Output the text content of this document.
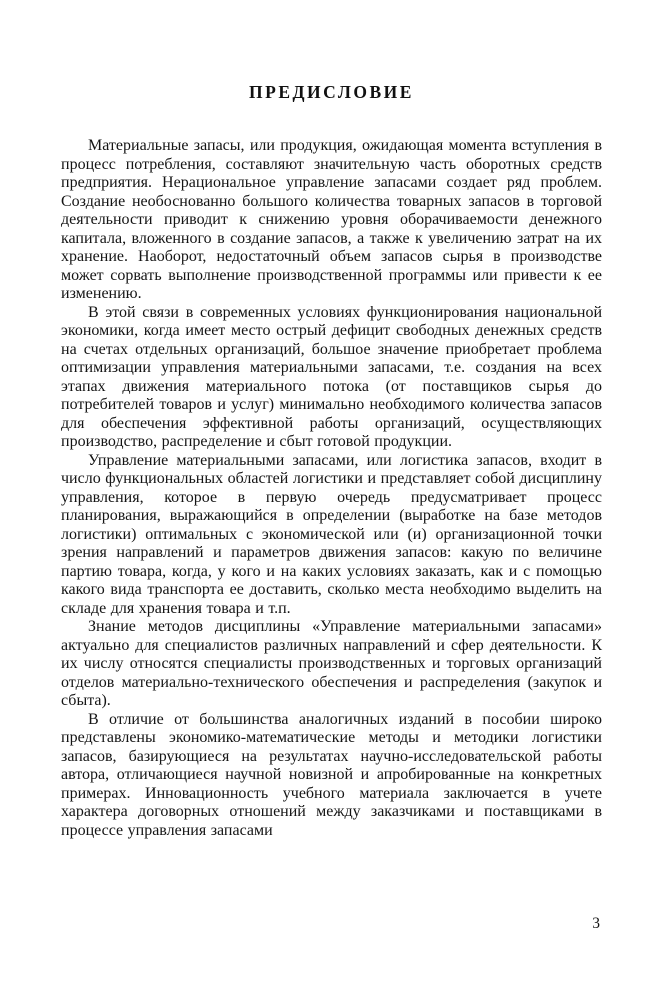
ПРЕДИСЛОВИЕ

Материальные запасы, или продукция, ожидающая момента вступления в процесс потребления, составляют значительную часть оборотных средств предприятия. Нерациональное управление запасами создает ряд проблем. Создание необоснованно большого количества товарных запасов в торговой деятельности приводит к снижению уровня оборачиваемости денежного капитала, вложенного в создание запасов, а также к увеличению затрат на их хранение. Наоборот, недостаточный объем запасов сырья в производстве может сорвать выполнение производственной программы или привести к ее изменению.

В этой связи в современных условиях функционирования национальной экономики, когда имеет место острый дефицит свободных денежных средств на счетах отдельных организаций, большое значение приобретает проблема оптимизации управления материальными запасами, т.е. создания на всех этапах движения материального потока (от поставщиков сырья до потребителей товаров и услуг) минимально необходимого количества запасов для обеспечения эффективной работы организаций, осуществляющих производство, распределение и сбыт готовой продукции.

Управление материальными запасами, или логистика запасов, входит в число функциональных областей логистики и представляет собой дисциплину управления, которое в первую очередь предусматривает процесс планирования, выражающийся в определении (выработке на базе методов логистики) оптимальных с экономической или (и) организационной точки зрения направлений и параметров движения запасов: какую по величине партию товара, когда, у кого и на каких условиях заказать, как и с помощью какого вида транспорта ее доставить, сколько места необходимо выделить на складе для хранения товара и т.п.

Знание методов дисциплины «Управление материальными запасами» актуально для специалистов различных направлений и сфер деятельности. К их числу относятся специалисты производственных и торговых организаций отделов материально-технического обеспечения и распределения (закупок и сбыта).

В отличие от большинства аналогичных изданий в пособии широко представлены экономико-математические методы и методики логистики запасов, базирующиеся на результатах научно-исследовательской работы автора, отличающиеся научной новизной и апробированные на конкретных примерах. Инновационность учебного материала заключается в учете характера договорных отношений между заказчиками и поставщиками в процессе управления запасами

3
